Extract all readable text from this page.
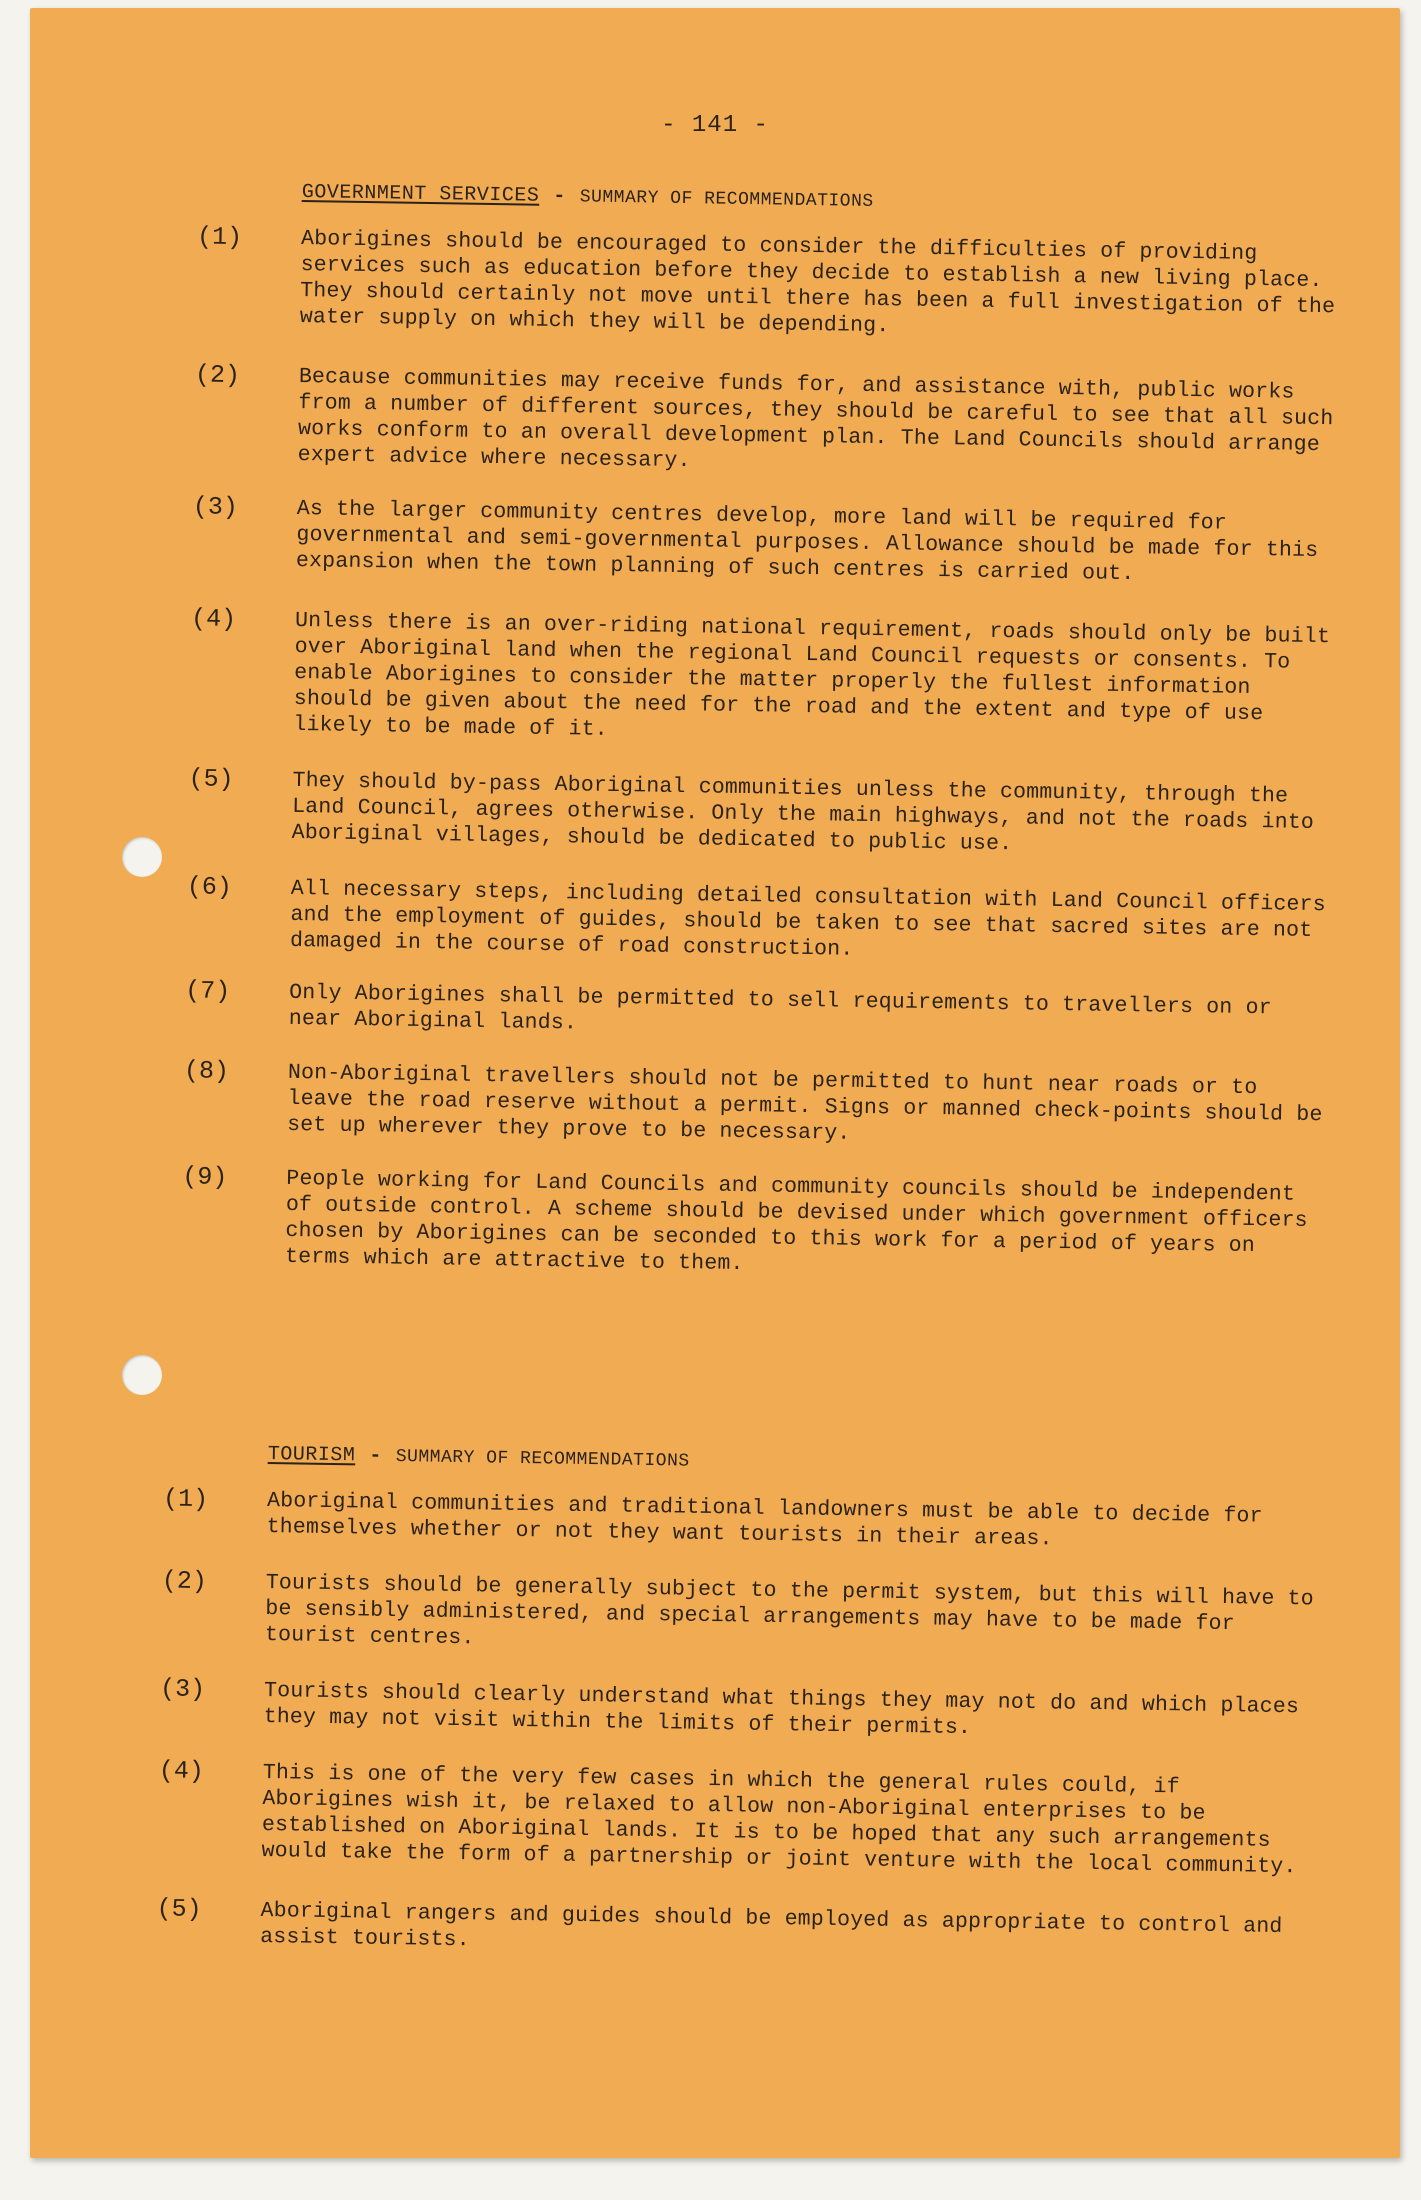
- 141 -
GOVERNMENT SERVICES - SUMMARY OF RECOMMENDATIONS
(1)	Aborigines should be encouraged to consider the difficulties of providing services such as education before they decide to establish a new living place. They should certainly not move until there has been a full investigation of the water supply on which they will be depending.
(2)	Because communities may receive funds for, and assistance with, public works from a number of different sources, they should be careful to see that all such works conform to an overall development plan. The Land Councils should arrange expert advice where necessary.
(3)	As the larger community centres develop, more land will be required for governmental and semi-governmental purposes. Allowance should be made for this expansion when the town planning of such centres is carried out.
(4)	Unless there is an over-riding national requirement, roads should only be built over Aboriginal land when the regional Land Council requests or consents. To enable Aborigines to consider the matter properly the fullest information should be given about the need for the road and the extent and type of use likely to be made of it.
(5)	They should by-pass Aboriginal communities unless the community, through the Land Council, agrees otherwise. Only the main highways, and not the roads into Aboriginal villages, should be dedicated to public use.
(6)	All necessary steps, including detailed consultation with Land Council officers and the employment of guides, should be taken to see that sacred sites are not damaged in the course of road construction.
(7)	Only Aborigines shall be permitted to sell requirements to travellers on or near Aboriginal lands.
(8)	Non-Aboriginal travellers should not be permitted to hunt near roads or to leave the road reserve without a permit. Signs or manned check-points should be set up wherever they prove to be necessary.
(9)	People working for Land Councils and community councils should be independent of outside control. A scheme should be devised under which government officers chosen by Aborigines can be seconded to this work for a period of years on terms which are attractive to them.
TOURISM - SUMMARY OF RECOMMENDATIONS
(1)	Aboriginal communities and traditional landowners must be able to decide for themselves whether or not they want tourists in their areas.
(2)	Tourists should be generally subject to the permit system, but this will have to be sensibly administered, and special arrangements may have to be made for tourist centres.
(3)	Tourists should clearly understand what things they may not do and which places they may not visit within the limits of their permits.
(4)	This is one of the very few cases in which the general rules could, if Aborigines wish it, be relaxed to allow non-Aboriginal enterprises to be established on Aboriginal lands. It is to be hoped that any such arrangements would take the form of a partnership or joint venture with the local community.
(5)	Aboriginal rangers and guides should be employed as appropriate to control and assist tourists.
